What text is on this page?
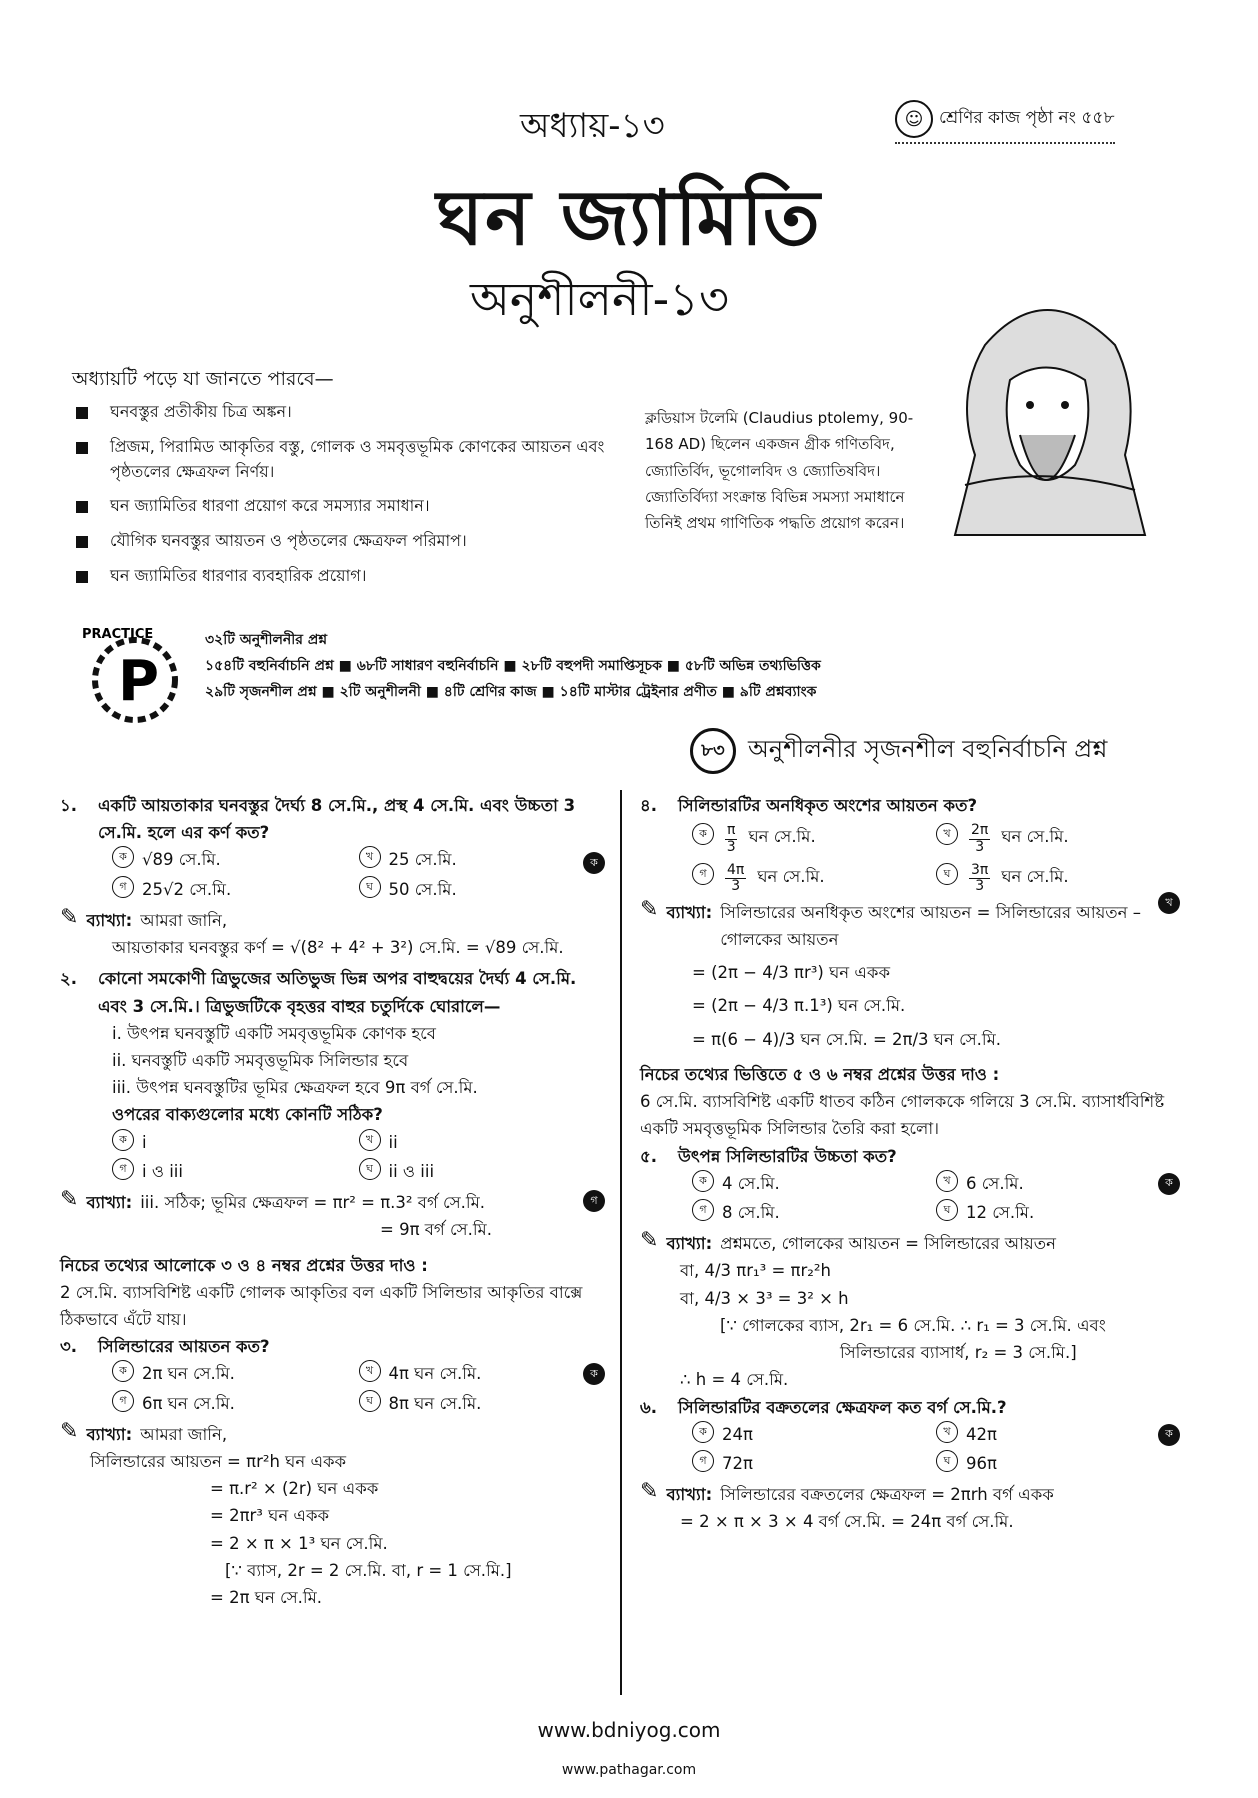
অধ্যায়-১৩	☺ শ্রেণির কাজ পৃষ্ঠা নং ৫৫৮
ঘন জ্যামিতি
অনুশীলনী-১৩
অধ্যায়টি পড়ে যা জানতে পারবে—
ঘনবস্তুর প্রতীকীয় চিত্র অঙ্কন।
প্রিজম, পিরামিড আকৃতির বস্তু, গোলক ও সমবৃত্তভূমিক কোণকের আয়তন এবং পৃষ্ঠতলের ক্ষেত্রফল নির্ণয়।
ঘন জ্যামিতির ধারণা প্রয়োগ করে সমস্যার সমাধান।
যৌগিক ঘনবস্তুর আয়তন ও পৃষ্ঠতলের ক্ষেত্রফল পরিমাপ।
ঘন জ্যামিতির ধারণার ব্যবহারিক প্রয়োগ।
ক্লডিয়াস টলেমি (Claudius ptolemy, 90-168 AD) ছিলেন একজন গ্রীক গণিতবিদ, জ্যোতির্বিদ, ভূগোলবিদ ও জ্যোতিষবিদ। জ্যোতির্বিদ্যা সংক্রান্ত বিভিন্ন সমস্যা সমাধানে তিনিই প্রথম গাণিতিক পদ্ধতি প্রয়োগ করেন।
P
PRACTICE	৩২টি অনুশীলনীর প্রশ্ন
১৫৪টি বহুনির্বাচনি প্রশ্ন ■ ৬৮টি সাধারণ বহুনির্বাচনি ■ ২৮টি বহুপদী সমাপ্তিসূচক ■ ৫৮টি অভিন্ন তথ্যভিত্তিক
২৯টি সৃজনশীল প্রশ্ন ■ ২টি অনুশীলনী ■ ৪টি শ্রেণির কাজ ■ ১৪টি মাস্টার ট্রেইনার প্রণীত ■ ৯টি প্রশ্নব্যাংক
৮৩ অনুশীলনীর সৃজনশীল বহুনির্বাচনি প্রশ্ন
১.	একটি আয়তাকার ঘনবস্তুর দৈর্ঘ্য 8 সে.মি., প্রস্থ 4 সে.মি. এবং উচ্চতা 3 সে.মি. হলে এর কর্ণ কত?
ক √89 সে.মি.	খ 25 সে.মি.
গ 25√2 সে.মি.	ঘ 50 সে.মি.
ক
✎ ব্যাখ্যা: আমরা জানি,
আয়তাকার ঘনবস্তুর কর্ণ = √(8² + 4² + 3²) সে.মি. = √89 সে.মি.
২.	কোনো সমকোণী ত্রিভুজের অতিভুজ ভিন্ন অপর বাহুদ্বয়ের দৈর্ঘ্য 4 সে.মি. এবং 3 সে.মি.। ত্রিভুজটিকে বৃহত্তর বাহুর চতুর্দিকে ঘোরালে—
i. উৎপন্ন ঘনবস্তুটি একটি সমবৃত্তভূমিক কোণক হবে
ii. ঘনবস্তুটি একটি সমবৃত্তভূমিক সিলিন্ডার হবে
iii. উৎপন্ন ঘনবস্তুটির ভূমির ক্ষেত্রফল হবে 9π বর্গ সে.মি.
ওপরের বাক্যগুলোর মধ্যে কোনটি সঠিক?
ক i	খ ii
গ i ও iii	ঘ ii ও iii
গ
✎ ব্যাখ্যা: iii. সঠিক; ভূমির ক্ষেত্রফল = πr² = π.3² বর্গ সে.মি.
= 9π বর্গ সে.মি.
নিচের তথ্যের আলোকে ৩ ও ৪ নম্বর প্রশ্নের উত্তর দাও :
2 সে.মি. ব্যাসবিশিষ্ট একটি গোলক আকৃতির বল একটি সিলিন্ডার আকৃতির বাক্সে ঠিকভাবে এঁটে যায়।
৩.	সিলিন্ডারের আয়তন কত?
ক 2π ঘন সে.মি.	খ 4π ঘন সে.মি.
গ 6π ঘন সে.মি.	ঘ 8π ঘন সে.মি.
ক
✎ ব্যাখ্যা: আমরা জানি,
সিলিন্ডারের আয়তন = πr²h ঘন একক
= π.r² × (2r) ঘন একক
= 2πr³ ঘন একক
= 2 × π × 1³ ঘন সে.মি.
[∵ ব্যাস, 2r = 2 সে.মি. বা, r = 1 সে.মি.]
= 2π ঘন সে.মি.
৪.	সিলিন্ডারটির অনধিকৃত অংশের আয়তন কত?
ক	$\frac{\pi}{3}$ ঘন সে.মি.	খ	$\frac{2\pi}{3}$ ঘন সে.মি.
গ	$\frac{4\pi}{3}$ ঘন সে.মি.	ঘ	$\frac{3\pi}{3}$ ঘন সে.মি.
খ
✎ ব্যাখ্যা: সিলিন্ডারের অনধিকৃত অংশের আয়তন = সিলিন্ডারের আয়তন – গোলকের আয়তন
= (2π − 4/3 πr³) ঘন একক
= (2π − 4/3 π.1³) ঘন সে.মি.
= π(6 − 4)/3 ঘন সে.মি. = 2π/3 ঘন সে.মি.
নিচের তথ্যের ভিত্তিতে ৫ ও ৬ নম্বর প্রশ্নের উত্তর দাও :
6 সে.মি. ব্যাসবিশিষ্ট একটি ধাতব কঠিন গোলককে গলিয়ে 3 সে.মি. ব্যাসার্ধবিশিষ্ট একটি সমবৃত্তভূমিক সিলিন্ডার তৈরি করা হলো।
৫.	উৎপন্ন সিলিন্ডারটির উচ্চতা কত?
ক 4 সে.মি.	খ 6 সে.মি.
গ 8 সে.মি.	ঘ 12 সে.মি.
ক
✎ ব্যাখ্যা: প্রশ্নমতে, গোলকের আয়তন = সিলিন্ডারের আয়তন
বা, 4/3 πr₁³ = πr₂²h
বা, 4/3 × 3³ = 3² × h
[∵ গোলকের ব্যাস, 2r₁ = 6 সে.মি. ∴ r₁ = 3 সে.মি. এবং
সিলিন্ডারের ব্যাসার্ধ, r₂ = 3 সে.মি.]
∴ h = 4 সে.মি.
৬.	সিলিন্ডারটির বক্রতলের ক্ষেত্রফল কত বর্গ সে.মি.?
ক 24π	খ 42π
গ 72π	ঘ 96π
ক
✎ ব্যাখ্যা: সিলিন্ডারের বক্রতলের ক্ষেত্রফল = 2πrh বর্গ একক
= 2 × π × 3 × 4 বর্গ সে.মি. = 24π বর্গ সে.মি.
www.bdniyog.com
www.pathagar.com
